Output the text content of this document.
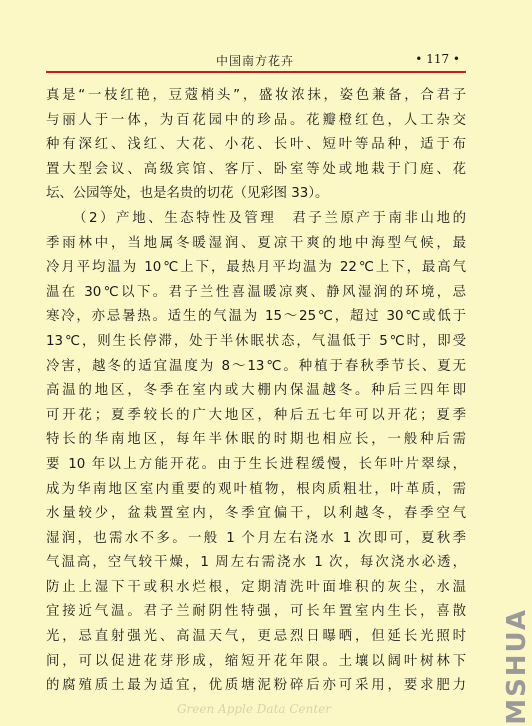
中国南方花卉	• 117 •
真是“一枝红艳，豆蔻梢头”，盛妆浓抹，姿色兼备，合君子
与丽人于一体，为百花园中的珍品。花瓣橙红色，人工杂交
种有深红、浅红、大花、小花、长叶、短叶等品种，适于布
置大型会议、高级宾馆、客厅、卧室等处或地栽于门庭、花
坛、公园等处，也是名贵的切花（见彩图 33）。
（2）产地、生态特性及管理　君子兰原产于南非山地的
季雨林中，当地属冬暖湿润、夏凉干爽的地中海型气候，最
冷月平均温为 10℃上下，最热月平均温为 22℃上下，最高气
温在 30℃以下。君子兰性喜温暖凉爽、静风湿润的环境，忌
寒冷，亦忌暑热。适生的气温为 15～25℃，超过 30℃或低于
13℃，则生长停滞，处于半休眠状态，气温低于 5℃时，即受
冷害，越冬的适宜温度为 8～13℃。种植于春秋季节长、夏无
高温的地区，冬季在室内或大棚内保温越冬。种后三四年即
可开花；夏季较长的广大地区，种后五七年可以开花；夏季
特长的华南地区，每年半休眠的时期也相应长，一般种后需
要 10 年以上方能开花。由于生长进程缓慢，长年叶片翠绿，
成为华南地区室内重要的观叶植物，根肉质粗壮，叶革质，需
水量较少，盆栽置室内，冬季宜偏干，以利越冬，春季空气
湿润，也需水不多。一般 1 个月左右浇水 1 次即可，夏秋季
气温高，空气较干燥，1 周左右需浇水 1 次，每次浇水必透，
防止上湿下干或积水烂根，定期清洗叶面堆积的灰尘，水温
宜接近气温。君子兰耐阴性特强，可长年置室内生长，喜散
光，忌直射强光、高温天气，更忌烈日曝晒，但延长光照时
间，可以促进花芽形成，缩短开花年限。土壤以阔叶树林下
的腐殖质土最为适宜，优质塘泥粉碎后亦可采用，要求肥力 MSHUA
Green Apple Data Center
